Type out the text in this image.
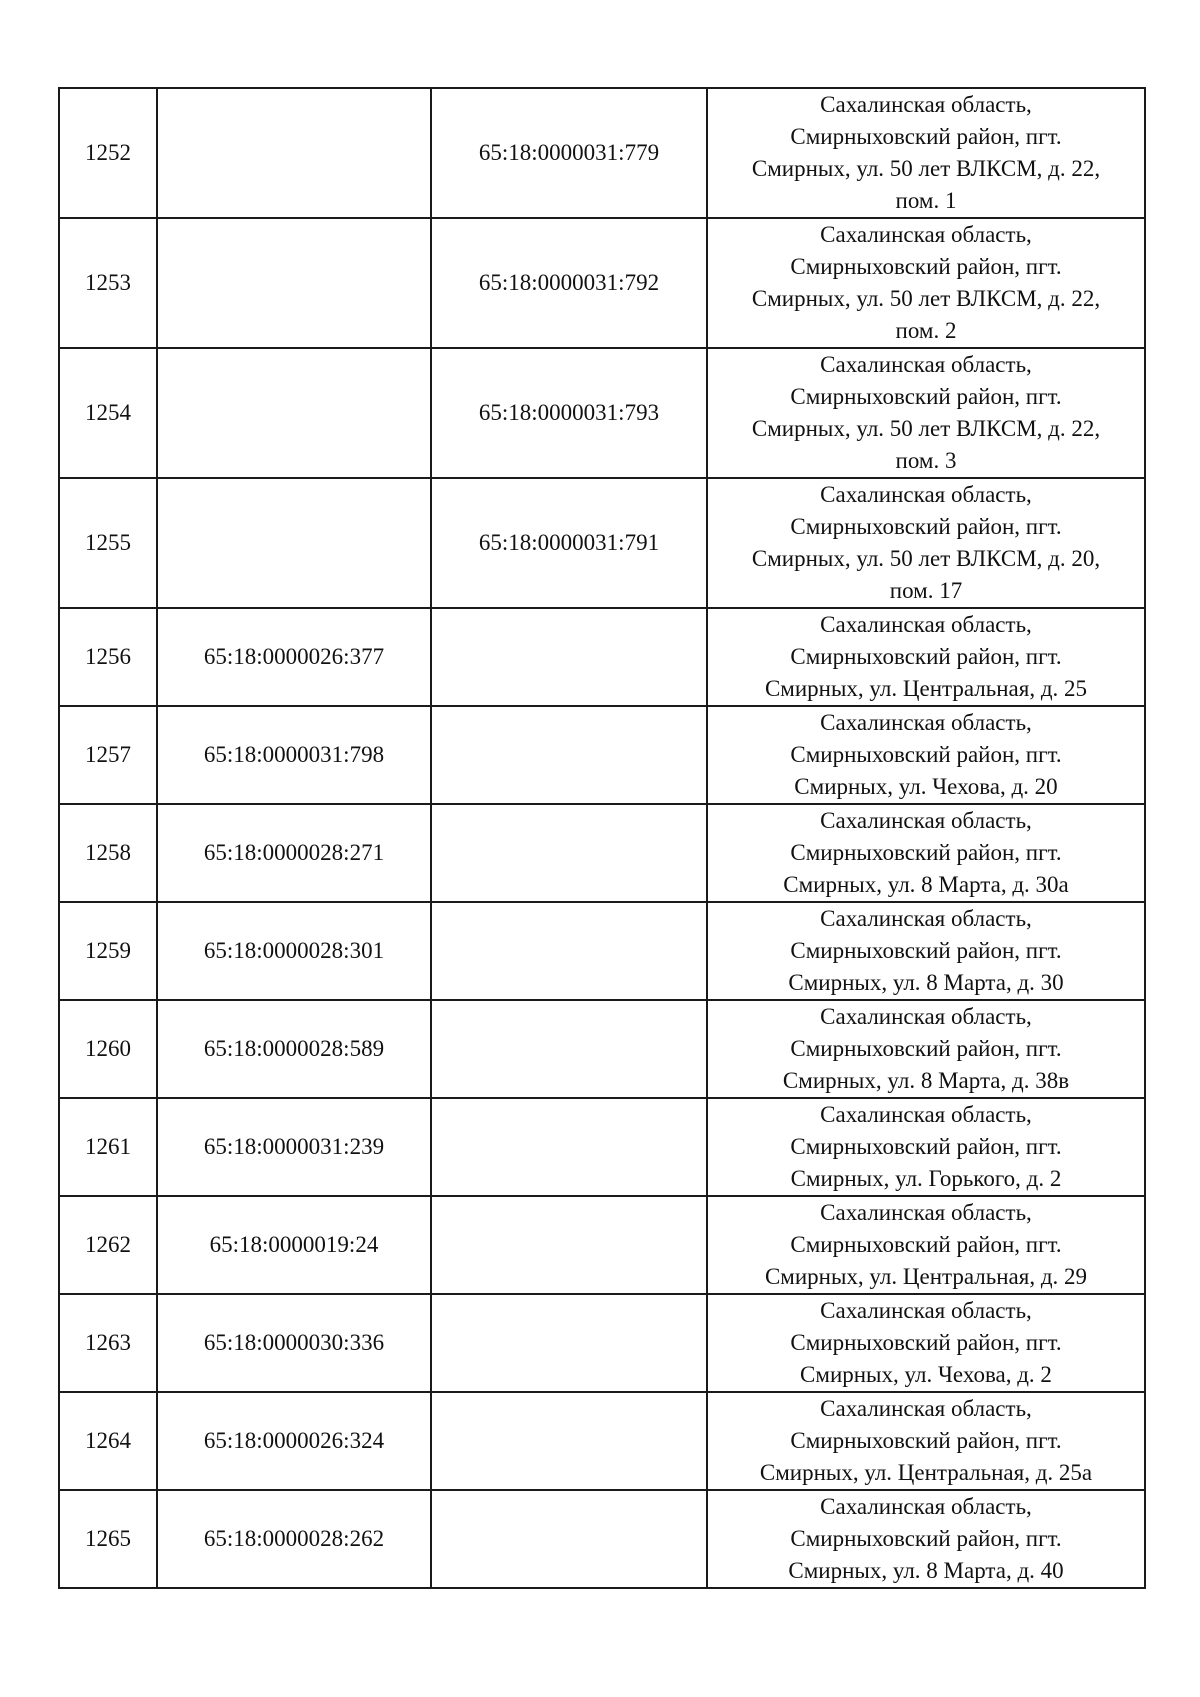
1252		65:18:0000031:779	Сахалинская область,
Смирныховский район, пгт.
Смирных, ул. 50 лет ВЛКСМ, д. 22,
пом. 1

1253		65:18:0000031:792	Сахалинская область,
Смирныховский район, пгт.
Смирных, ул. 50 лет ВЛКСМ, д. 22,
пом. 2

1254		65:18:0000031:793	Сахалинская область,
Смирныховский район, пгт.
Смирных, ул. 50 лет ВЛКСМ, д. 22,
пом. 3

1255		65:18:0000031:791	Сахалинская область,
Смирныховский район, пгт.
Смирных, ул. 50 лет ВЛКСМ, д. 20,
пом. 17

1256	65:18:0000026:377		Сахалинская область,
Смирныховский район, пгт.
Смирных, ул. Центральная, д. 25

1257	65:18:0000031:798		Сахалинская область,
Смирныховский район, пгт.
Смирных, ул. Чехова, д. 20

1258	65:18:0000028:271		Сахалинская область,
Смирныховский район, пгт.
Смирных, ул. 8 Марта, д. 30а

1259	65:18:0000028:301		Сахалинская область,
Смирныховский район, пгт.
Смирных, ул. 8 Марта, д. 30

1260	65:18:0000028:589		Сахалинская область,
Смирныховский район, пгт.
Смирных, ул. 8 Марта, д. 38в

1261	65:18:0000031:239		Сахалинская область,
Смирныховский район, пгт.
Смирных, ул. Горького, д. 2

1262	65:18:0000019:24		Сахалинская область,
Смирныховский район, пгт.
Смирных, ул. Центральная, д. 29

1263	65:18:0000030:336		Сахалинская область,
Смирныховский район, пгт.
Смирных, ул. Чехова, д. 2

1264	65:18:0000026:324		Сахалинская область,
Смирныховский район, пгт.
Смирных, ул. Центральная, д. 25а

1265	65:18:0000028:262		Сахалинская область,
Смирныховский район, пгт.
Смирных, ул. 8 Марта, д. 40
